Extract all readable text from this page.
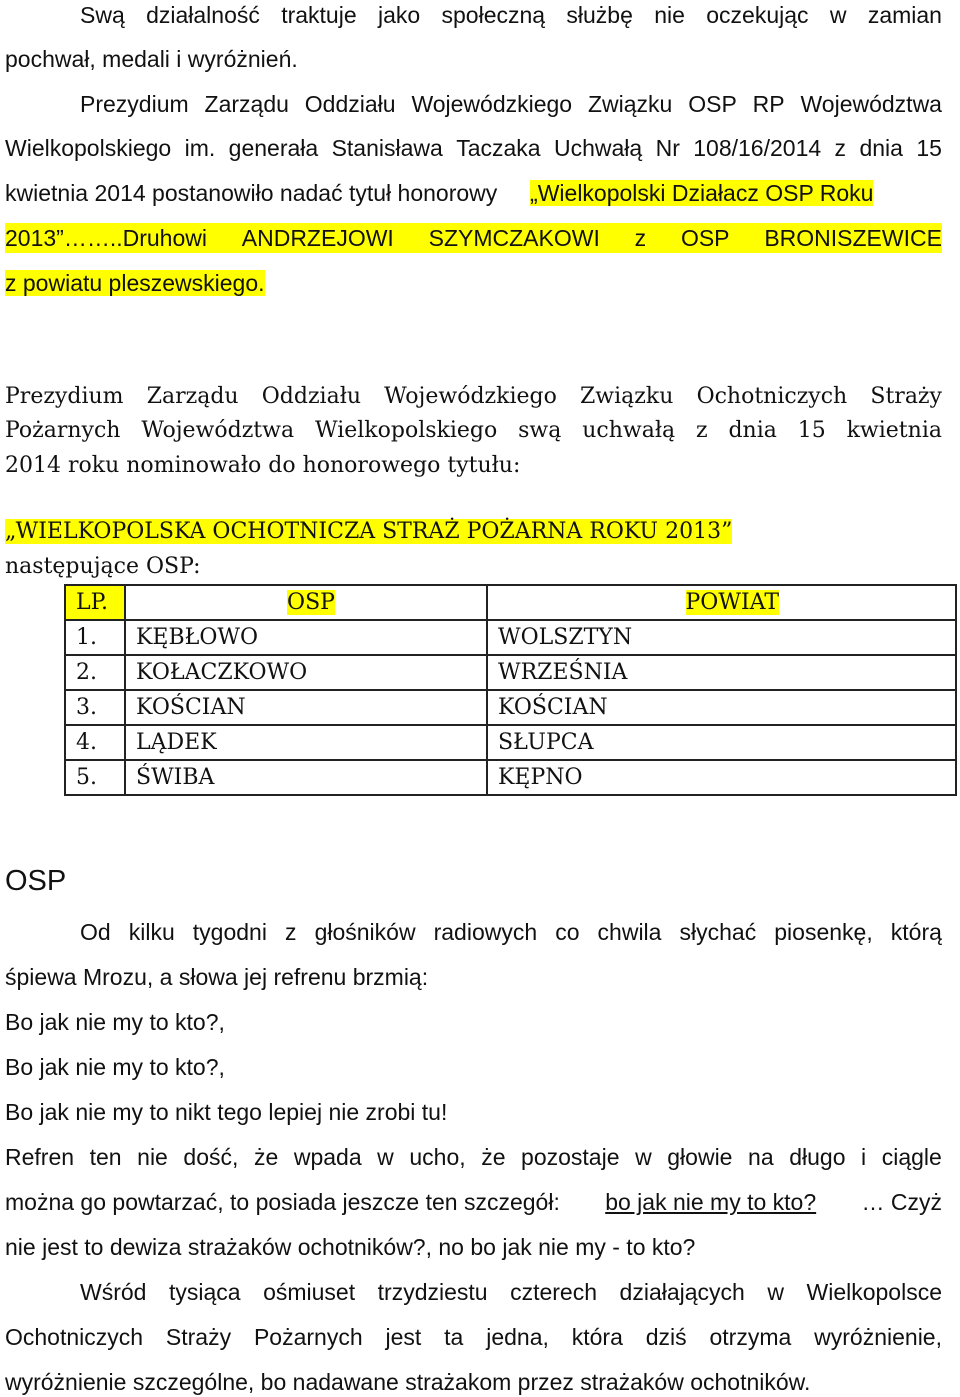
Swą działalność traktuje jako społeczną służbę nie oczekując w zamian
pochwał, medali i wyróżnień.
Prezydium Zarządu Oddziału Wojewódzkiego Związku OSP RP Województwa
Wielkopolskiego im. generała Stanisława Taczaka Uchwałą Nr 108/16/2014 z dnia 15
kwietnia 2014 postanowiło nadać tytuł honorowy „Wielkopolski Działacz OSP Roku
2013”……..Druhowi ANDRZEJOWI SZYMCZAKOWI z OSP BRONISZEWICE
z powiatu pleszewskiego.
Prezydium Zarządu Oddziału Wojewódzkiego Związku Ochotniczych Straży
Pożarnych Województwa Wielkopolskiego swą uchwałą z dnia 15 kwietnia
2014 roku nominowało do honorowego tytułu:
„WIELKOPOLSKA OCHOTNICZA STRAŻ POŻARNA ROKU 2013”
następujące OSP:
LP.	OSP	POWIAT
1.	KĘBŁOWO	WOLSZTYN
2.	KOŁACZKOWO	WRZEŚNIA
3.	KOŚCIAN	KOŚCIAN
4.	LĄDEK	SŁUPCA
5.	ŚWIBA	KĘPNO
OSP
Od kilku tygodni z głośników radiowych co chwila słychać piosenkę, którą
śpiewa Mrozu, a słowa jej refrenu brzmią:
Bo jak nie my to kto?,
Bo jak nie my to kto?,
Bo jak nie my to nikt tego lepiej nie zrobi tu!
Refren ten nie dość, że wpada w ucho, że pozostaje w głowie na długo i ciągle
można go powtarzać, to posiada jeszcze ten szczegół: bo jak nie my to kto? … Czyż
nie jest to dewiza strażaków ochotników?, no bo jak nie my - to kto?
Wśród tysiąca ośmiuset trzydziestu czterech działających w Wielkopolsce
Ochotniczych Straży Pożarnych jest ta jedna, która dziś otrzyma wyróżnienie,
wyróżnienie szczególne, bo nadawane strażakom przez strażaków ochotników.
